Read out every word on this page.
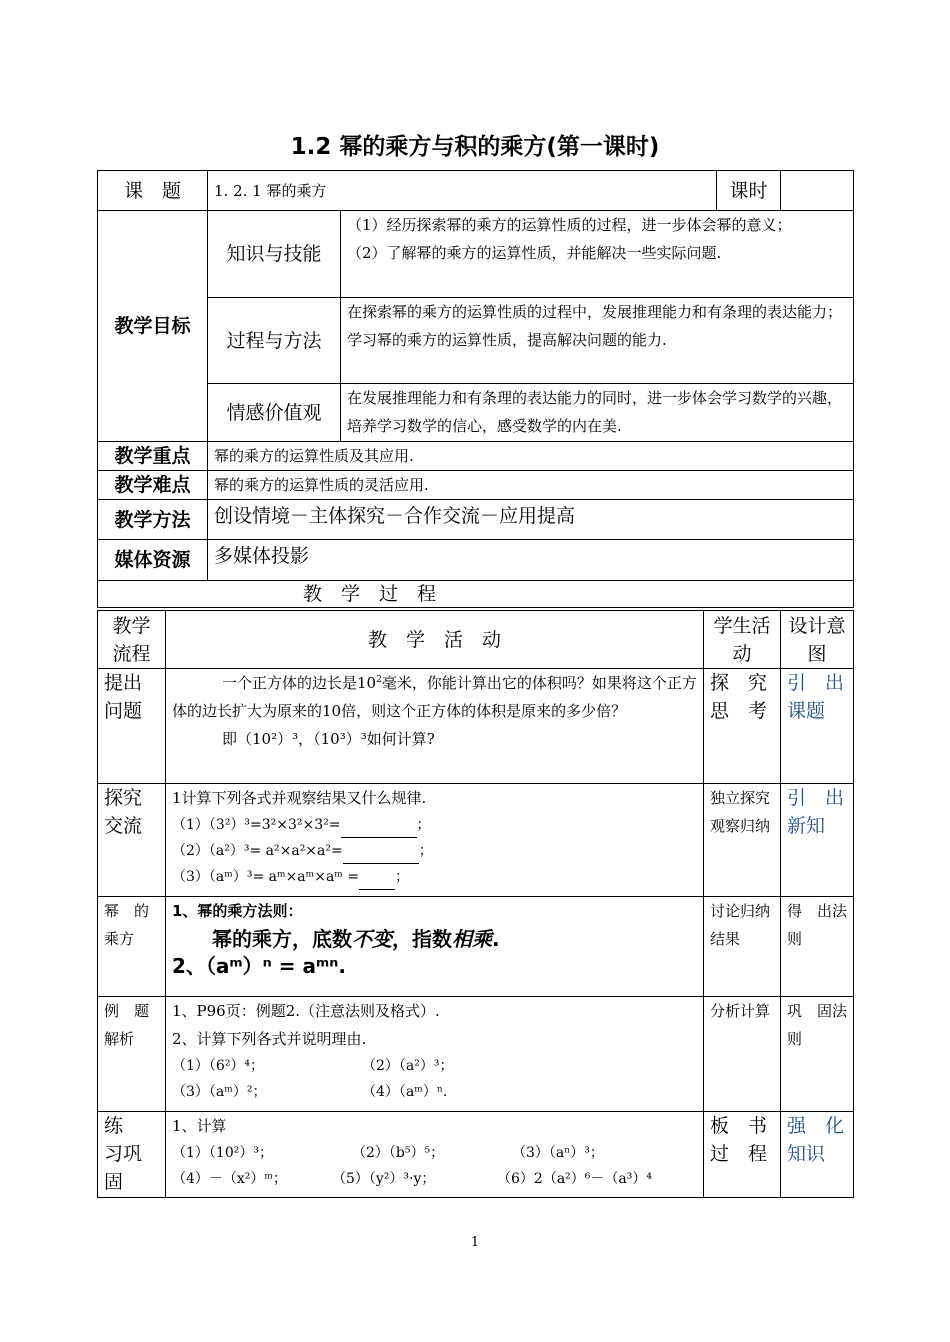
1.2 幂的乘方与积的乘方(第一课时)
课　题	1. 2. 1 幂的乘方		课时	
教学目标	知识与技能	（1）经历探索幂的乘方的运算性质的过程，进一步体会幂的意义；
（2）了解幂的乘方的运算性质，并能解决一些实际问题.		

	过程与方法	在探索幂的乘方的运算性质的过程中，发展推理能力和有条理的表达能力；学习幂的乘方的运算性质，提高解决问题的能力.		
	情感价值观	在发展推理能力和有条理的表达能力的同时，进一步体会学习数学的兴趣，培养学习数学的信心，感受数学的内在美.		
教学重点	幂的乘方的运算性质及其应用.			
教学难点	幂的乘方的运算性质的灵活应用.			
教学方法	创设情境－主体探究－合作交流－应用提高			
媒体资源	多媒体投影			
教　学　过　程				
教学流程	教　学　活　动	学生活动	设计意图
提出问题	一个正方体的边长是$10^2$毫米，你能计算出它的体积吗？如果将这个正方体的边长扩大为原来的10倍，则这个正方体的体积是原来的多少倍？
即（10²）³，（10³）³如何计算?	探　究思　考	引　出课题
探究交流	1计算下列各式并观察结果又什么规律.
（1）（3²）³=3²×3²×3²= ；
（2）（a²）³= a²×a²×a²= ；
（3）（aᵐ）³= aᵐ×aᵐ×aᵐ = ；	独立探究观察归纳	引　出新知
幂　的乘方	1、幂的乘方法则：
幂的乘方，底数不变，指数相乘.
2、（aᵐ）ⁿ = aᵐⁿ.	讨论归纳结果	得　出法　则
例　题解析	1、P96页：例题2.（注意法则及格式）.
2、计算下列各式并说明理由.
（1）（6²）⁴； （2）（a²）³；
（3）（aᵐ）²； （4）（aᵐ）ⁿ.	分析计算	巩　固法　则
练　习巩固	1、计算
（1）（10²）³； （2）（b⁵）⁵； （3）（aⁿ）³；
（4）－（x²）ᵐ； （5）（y²）³·y； （6）2（a²）⁶－（a³）⁴	板　书过　程	强　化知识
1
